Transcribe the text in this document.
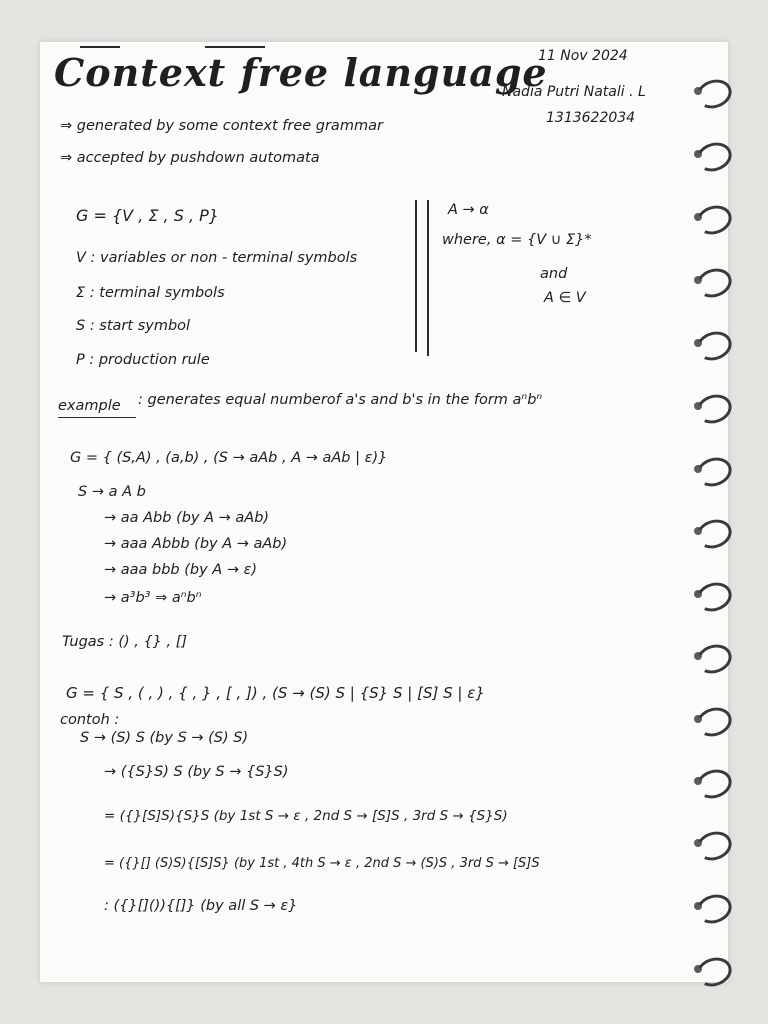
Context free language
11 Nov 2024
Nadia Putri Natali . L
1313622034
⇒ generated by some context free grammar
⇒ accepted by pushdown automata
G = {V , Σ , S , P}
V : variables or non - terminal symbols
Σ : terminal symbols
S : start symbol
P : production rule
A → α
where, α = {V ∪ Σ}*
and
A ∈ V
example : generates equal numberof a's and b's in the form aⁿbⁿ
G = { (S,A) , (a,b) , (S → aAb , A → aAb | ε)}
S → a A b
→ aa Abb (by A → aAb)
→ aaa Abbb (by A → aAb)
→ aaa bbb (by A → ε)
→ a³b³ ⇒ aⁿbⁿ
Tugas : () , {} , []
G = { S , ( , ) , { , } , [ , ]) , (S → (S) S | {S} S | [S] S | ε}
contoh :
S → (S) S (by S → (S) S)
→ ({S}S) S (by S → {S}S)
= ({}[S]S){S}S (by 1st S → ε , 2nd S → [S]S , 3rd S → {S}S)
= ({}[] (S)S){[S]S} (by 1st , 4th S → ε , 2nd S → (S)S , 3rd S → [S]S
: ({}[]()){[]} (by all S → ε}
